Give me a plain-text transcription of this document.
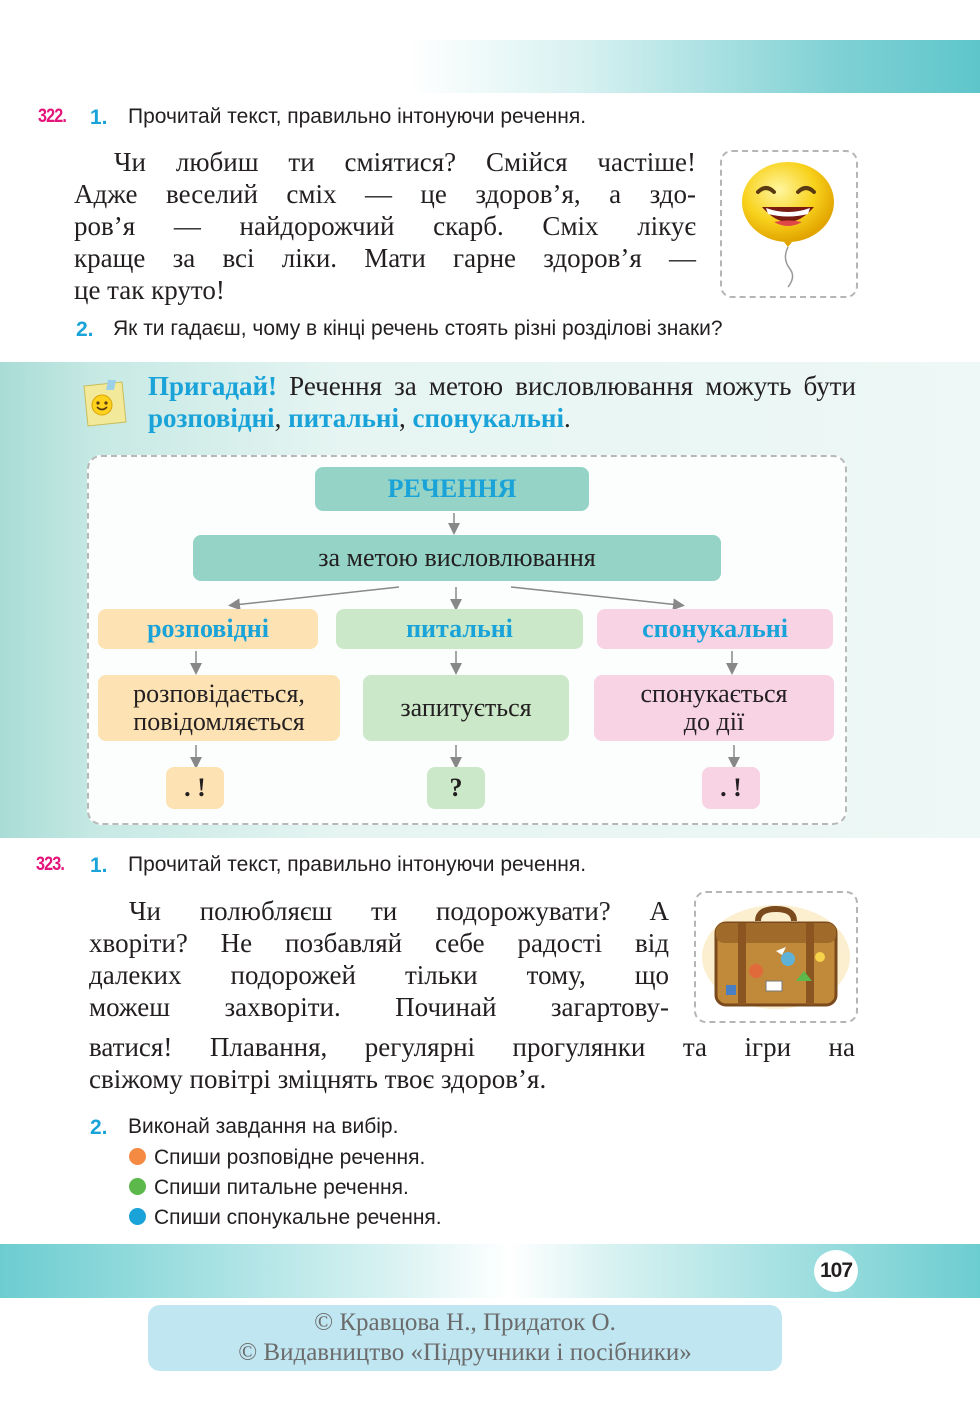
322. 1. Прочитай текст, правильно інтонуючи речення.

Чи любиш ти сміятися? Смійся частіше!

Адже веселий сміх — це здоров’я, а здо-

ров’я — найдорожчий скарб. Сміх лікує

краще за всі ліки. Мати гарне здоров’я —

це так круто!

2. Як ти гадаєш, чому в кінці речень стоять різні розділові знаки?
Пригадай! Речення за метою висловлювання можуть бути розповідні, питальні, спонукальні.
РЕЧЕННЯ
за метою висловлювання
розповідні	питальні	спонукальні
розповідається,
повідомляється	запитується	спонукається
до дії
. !	?	. !
323. 1. Прочитай текст, правильно інтонуючи речення.

Чи полюбляєш ти подорожувати? А

хворіти? Не позбавляй себе радості від

далеких подорожей тільки тому, що

можеш захворіти. Починай загартову-

ватися! Плавання, регулярні прогулянки та ігри на

свіжому повітрі зміцнять твоє здоров’я.

2. Виконай завдання на вибір.
Спиши розповідне речення.
Спиши питальне речення.
Спиши спонукальне речення.
107
© Кравцова Н., Придаток О.
© Видавництво «Підручники і посібники»
